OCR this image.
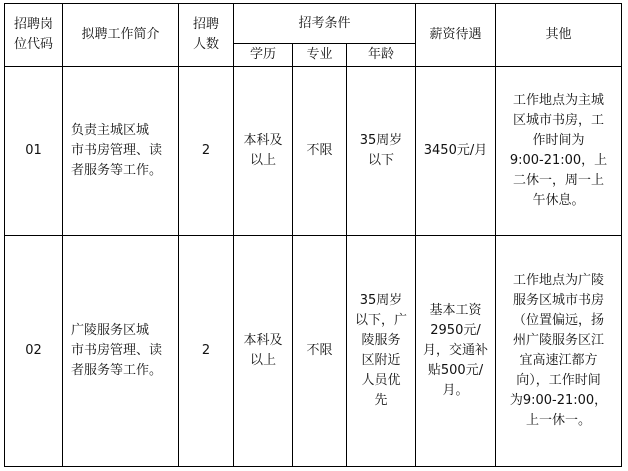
招聘岗
位代码
拟聘工作简介
招聘
人数
招考条件
学历 专业	年龄
薪资待遇	其他
01
负责主城区城
市书房管理、读
者服务等工作。
2
本科及
以上
不限
35周岁
以下
3450元/月
工作地点为主城
区城市书房，工
作时间为
9:00-21:00，上
二休一，周一上
午休息。
02
广陵服务区城
市书房管理、读
者服务等工作。
2
本科及
以上
不限
35周岁
以下，广
陵服务
区附近
人员优
先
基本工资
2950元/
月，交通补
贴500元/
月。
工作地点为广陵
服务区城市书房
（位置偏远，扬
州广陵服务区江
宜高速江都方
向），工作时间
为9:00-21:00，
上一休一。
